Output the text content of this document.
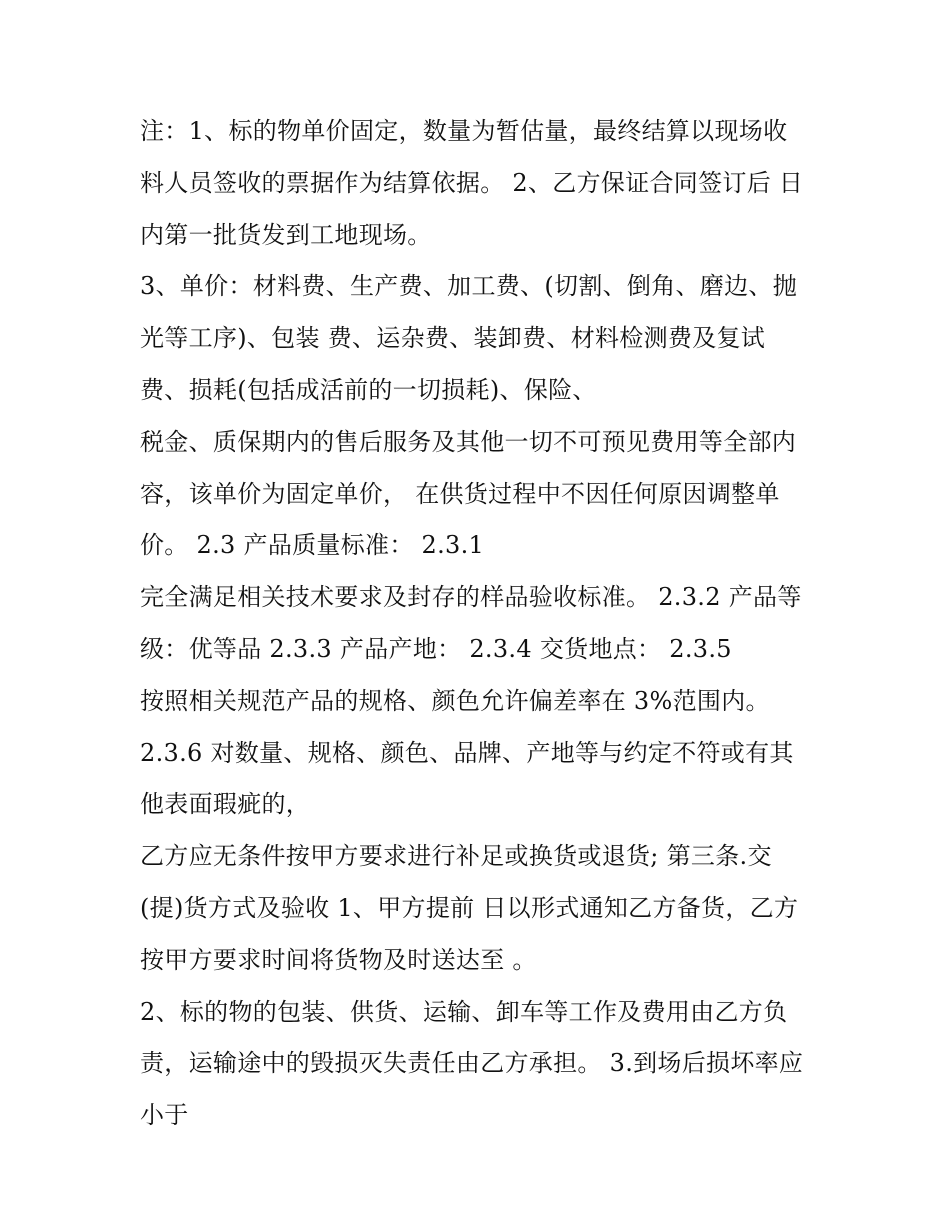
注：1、标的物单价固定，数量为暂估量，最终结算以现场收
料人员签收的票据作为结算依据。 2、乙方保证合同签订后 日
内第一批货发到工地现场。
3、单价：材料费、生产费、加工费、(切割、倒角、磨边、抛
光等工序)、包装 费、运杂费、装卸费、材料检测费及复试
费、损耗(包括成活前的一切损耗)、保险、
税金、质保期内的售后服务及其他一切不可预见费用等全部内
容，该单价为固定单价， 在供货过程中不因任何原因调整单
价。 2.3 产品质量标准： 2.3.1
完全满足相关技术要求及封存的样品验收标准。 2.3.2 产品等
级：优等品 2.3.3 产品产地： 2.3.4 交货地点： 2.3.5
按照相关规范产品的规格、颜色允许偏差率在 3%范围内。
2.3.6 对数量、规格、颜色、品牌、产地等与约定不符或有其
他表面瑕疵的，
乙方应无条件按甲方要求进行补足或换货或退货; 第三条.交
(提)货方式及验收 1、甲方提前 日以形式通知乙方备货，乙方
按甲方要求时间将货物及时送达至 。
2、标的物的包装、供货、运输、卸车等工作及费用由乙方负
责，运输途中的毁损灭失责任由乙方承担。 3.到场后损坏率应
小于
